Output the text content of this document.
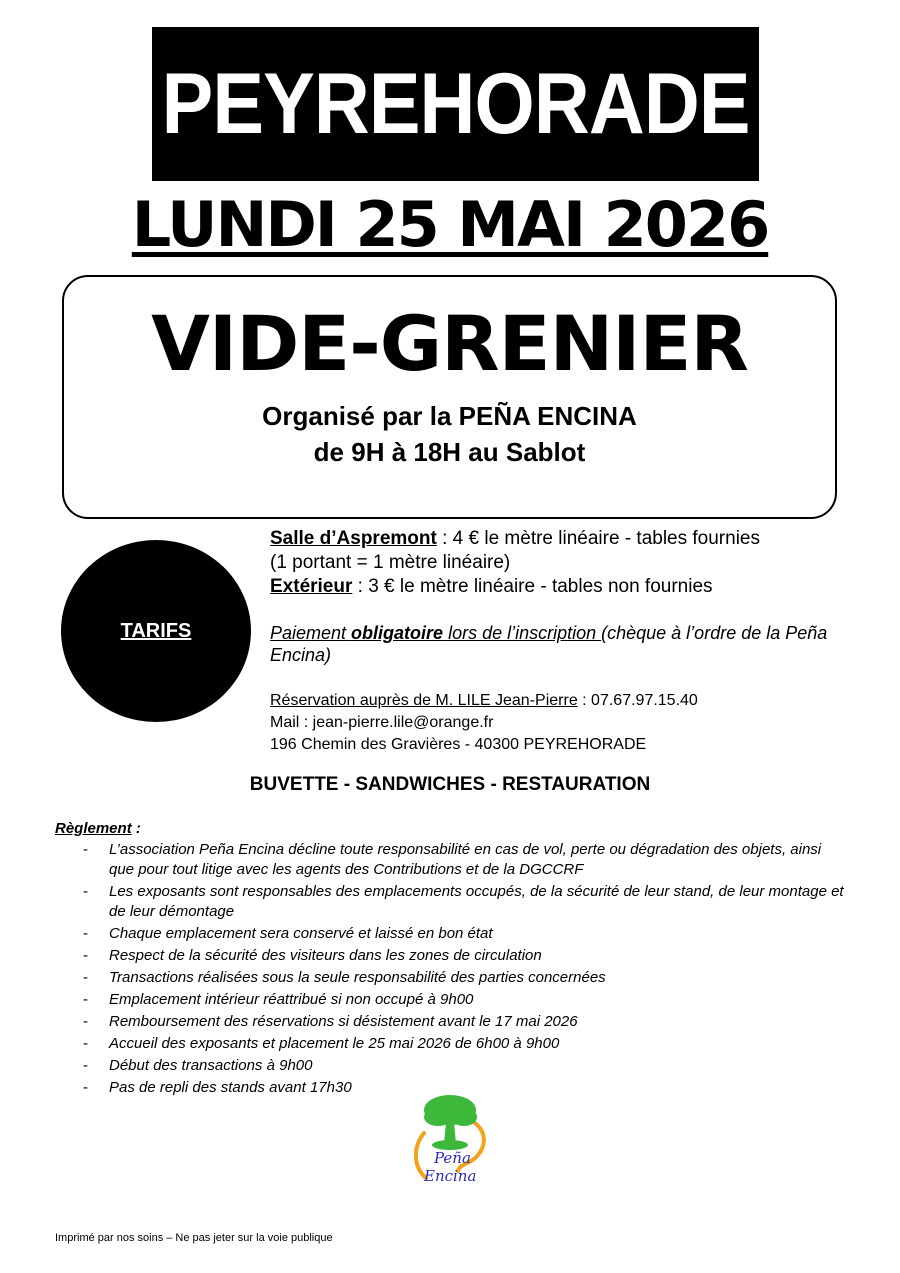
PEYREHORADE
LUNDI 25 MAI 2026
VIDE-GRENIER
Organisé par la PEÑA ENCINA
de 9H à 18H au Sablot
TARIFS
Salle d’Aspremont : 4 € le mètre linéaire - tables fournies
(1 portant = 1 mètre linéaire)
Extérieur : 3 € le mètre linéaire - tables non fournies
Paiement obligatoire lors de l’inscription (chèque à l’ordre de la Peña Encina)
Réservation auprès de M. LILE Jean-Pierre : 07.67.97.15.40
Mail : jean-pierre.lile@orange.fr
196 Chemin des Gravières - 40300 PEYREHORADE
BUVETTE - SANDWICHES - RESTAURATION
Règlement :
- L’association Peña Encina décline toute responsabilité en cas de vol, perte ou dégradation des objets, ainsi que pour tout litige avec les agents des Contributions et de la DGCCRF
- Les exposants sont responsables des emplacements occupés, de la sécurité de leur stand, de leur montage et de leur démontage
- Chaque emplacement sera conservé et laissé en bon état
- Respect de la sécurité des visiteurs dans les zones de circulation
- Transactions réalisées sous la seule responsabilité des parties concernées
- Emplacement intérieur réattribué si non occupé à 9h00
- Remboursement des réservations si désistement avant le 17 mai 2026
- Accueil des exposants et placement le 25 mai 2026 de 6h00 à 9h00
- Début des transactions à 9h00
- Pas de repli des stands avant 17h30
Peña
Encina
Imprimé par nos soins – Ne pas jeter sur la voie publique
